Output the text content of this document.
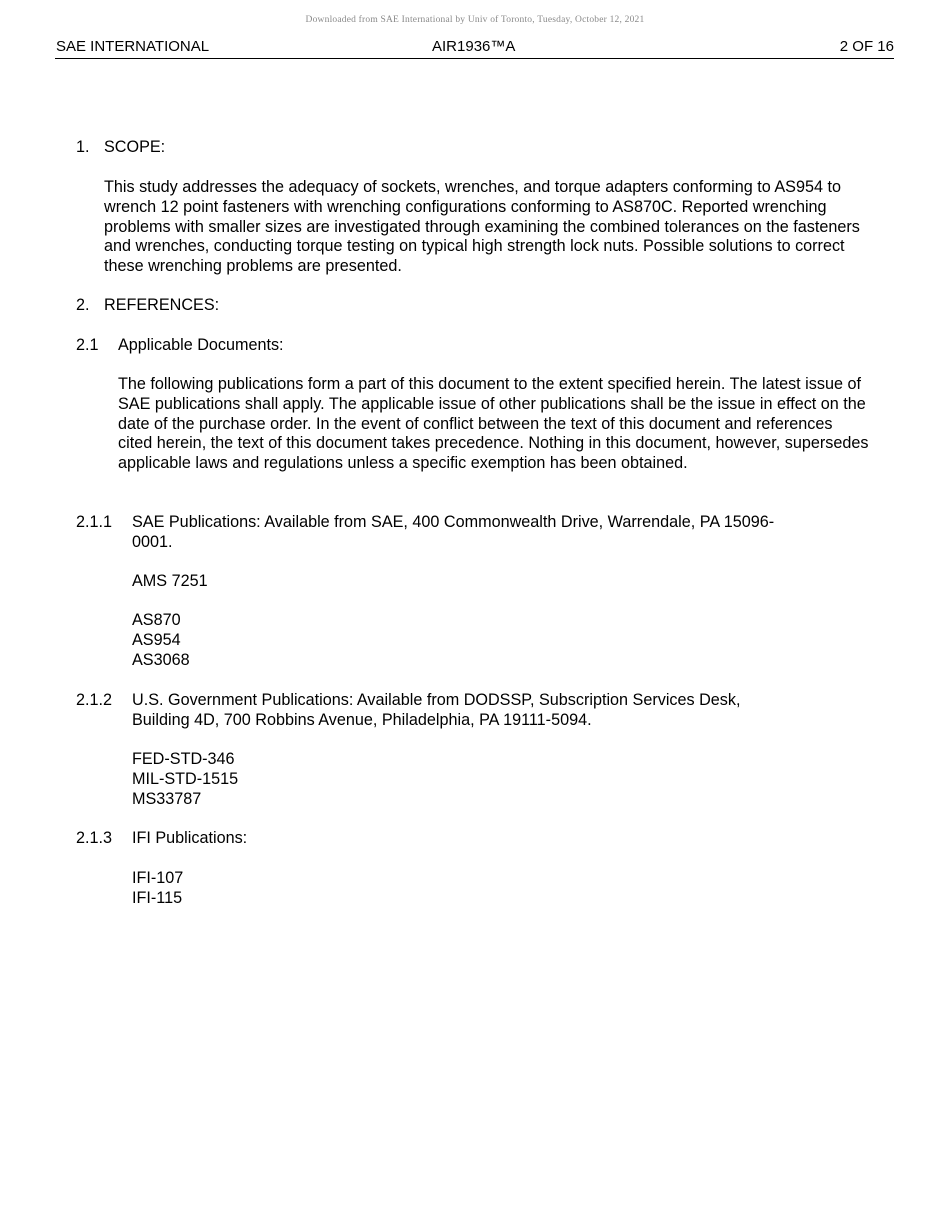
Downloaded from SAE International by Univ of Toronto, Tuesday, October 12, 2021
SAE INTERNATIONAL	AIR1936™A	2 OF 16
1. SCOPE:
This study addresses the adequacy of sockets, wrenches, and torque adapters conforming to AS954 to wrench 12 point fasteners with wrenching configurations conforming to AS870C. Reported wrenching problems with smaller sizes are investigated through examining the combined tolerances on the fasteners and wrenches, conducting torque testing on typical high strength lock nuts. Possible solutions to correct these wrenching problems are presented.
2. REFERENCES:
2.1 Applicable Documents:
The following publications form a part of this document to the extent specified herein. The latest issue of SAE publications shall apply. The applicable issue of other publications shall be the issue in effect on the date of the purchase order. In the event of conflict between the text of this document and references cited herein, the text of this document takes precedence. Nothing in this document, however, supersedes applicable laws and regulations unless a specific exemption has been obtained.
2.1.1 SAE Publications: Available from SAE, 400 Commonwealth Drive, Warrendale, PA 15096-0001.
AMS 7251
AS870
AS954
AS3068
2.1.2 U.S. Government Publications: Available from DODSSP, Subscription Services Desk, Building 4D, 700 Robbins Avenue, Philadelphia, PA 19111-5094.
FED-STD-346
MIL-STD-1515
MS33787
2.1.3 IFI Publications:
IFI-107
IFI-115
